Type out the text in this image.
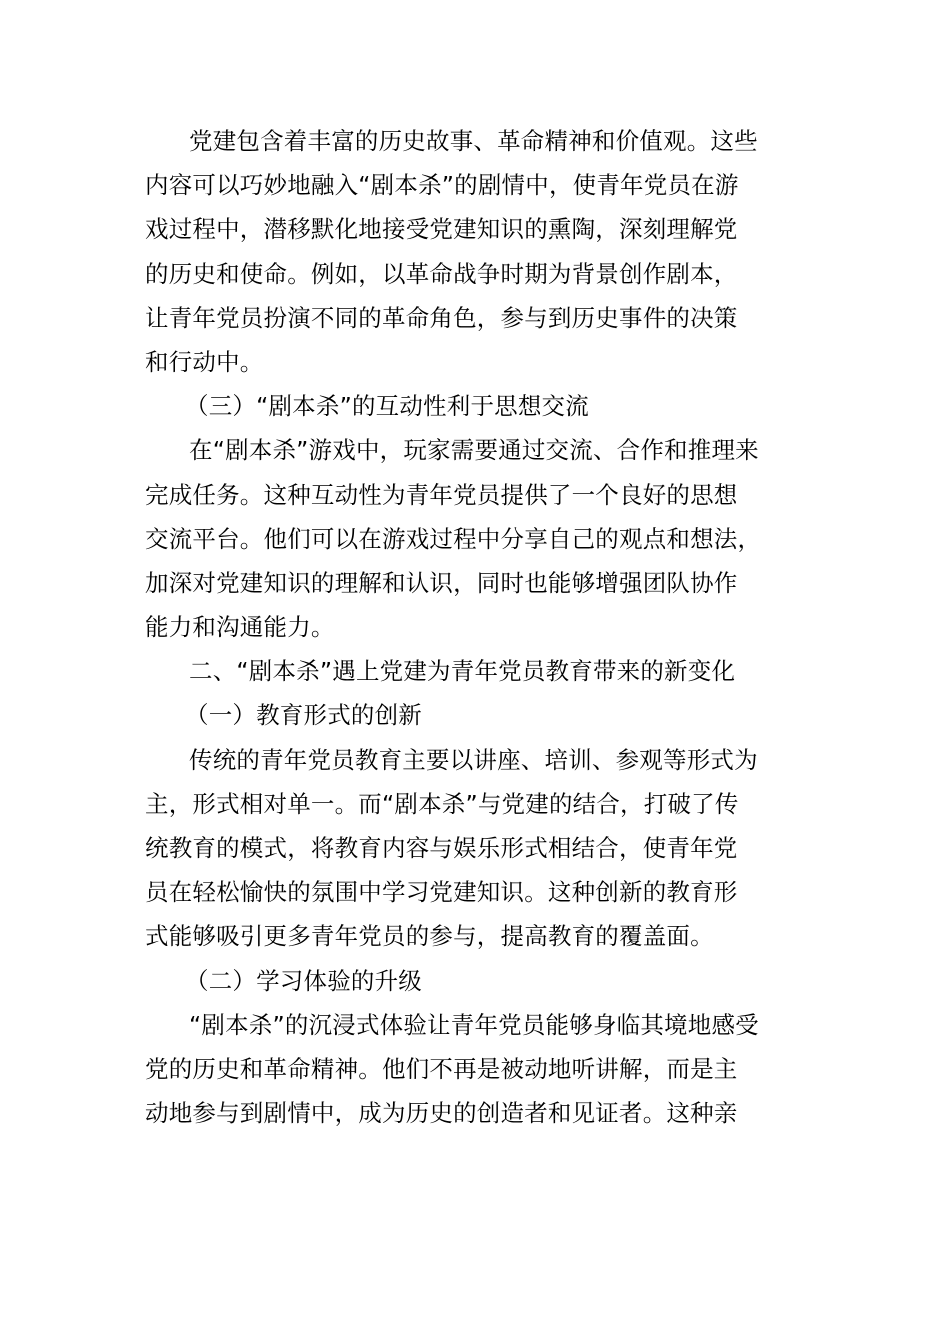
党建包含着丰富的历史故事、革命精神和价值观。这些
内容可以巧妙地融入“剧本杀”的剧情中，使青年党员在游
戏过程中，潜移默化地接受党建知识的熏陶，深刻理解党
的历史和使命。例如，以革命战争时期为背景创作剧本，
让青年党员扮演不同的革命角色，参与到历史事件的决策
和行动中。
（三）“剧本杀”的互动性利于思想交流
在“剧本杀”游戏中，玩家需要通过交流、合作和推理来
完成任务。这种互动性为青年党员提供了一个良好的思想
交流平台。他们可以在游戏过程中分享自己的观点和想法，
加深对党建知识的理解和认识，同时也能够增强团队协作
能力和沟通能力。
二、“剧本杀”遇上党建为青年党员教育带来的新变化
（一）教育形式的创新
传统的青年党员教育主要以讲座、培训、参观等形式为
主，形式相对单一。而“剧本杀”与党建的结合，打破了传
统教育的模式，将教育内容与娱乐形式相结合，使青年党
员在轻松愉快的氛围中学习党建知识。这种创新的教育形
式能够吸引更多青年党员的参与，提高教育的覆盖面。
（二）学习体验的升级
“剧本杀”的沉浸式体验让青年党员能够身临其境地感受
党的历史和革命精神。他们不再是被动地听讲解，而是主
动地参与到剧情中，成为历史的创造者和见证者。这种亲
